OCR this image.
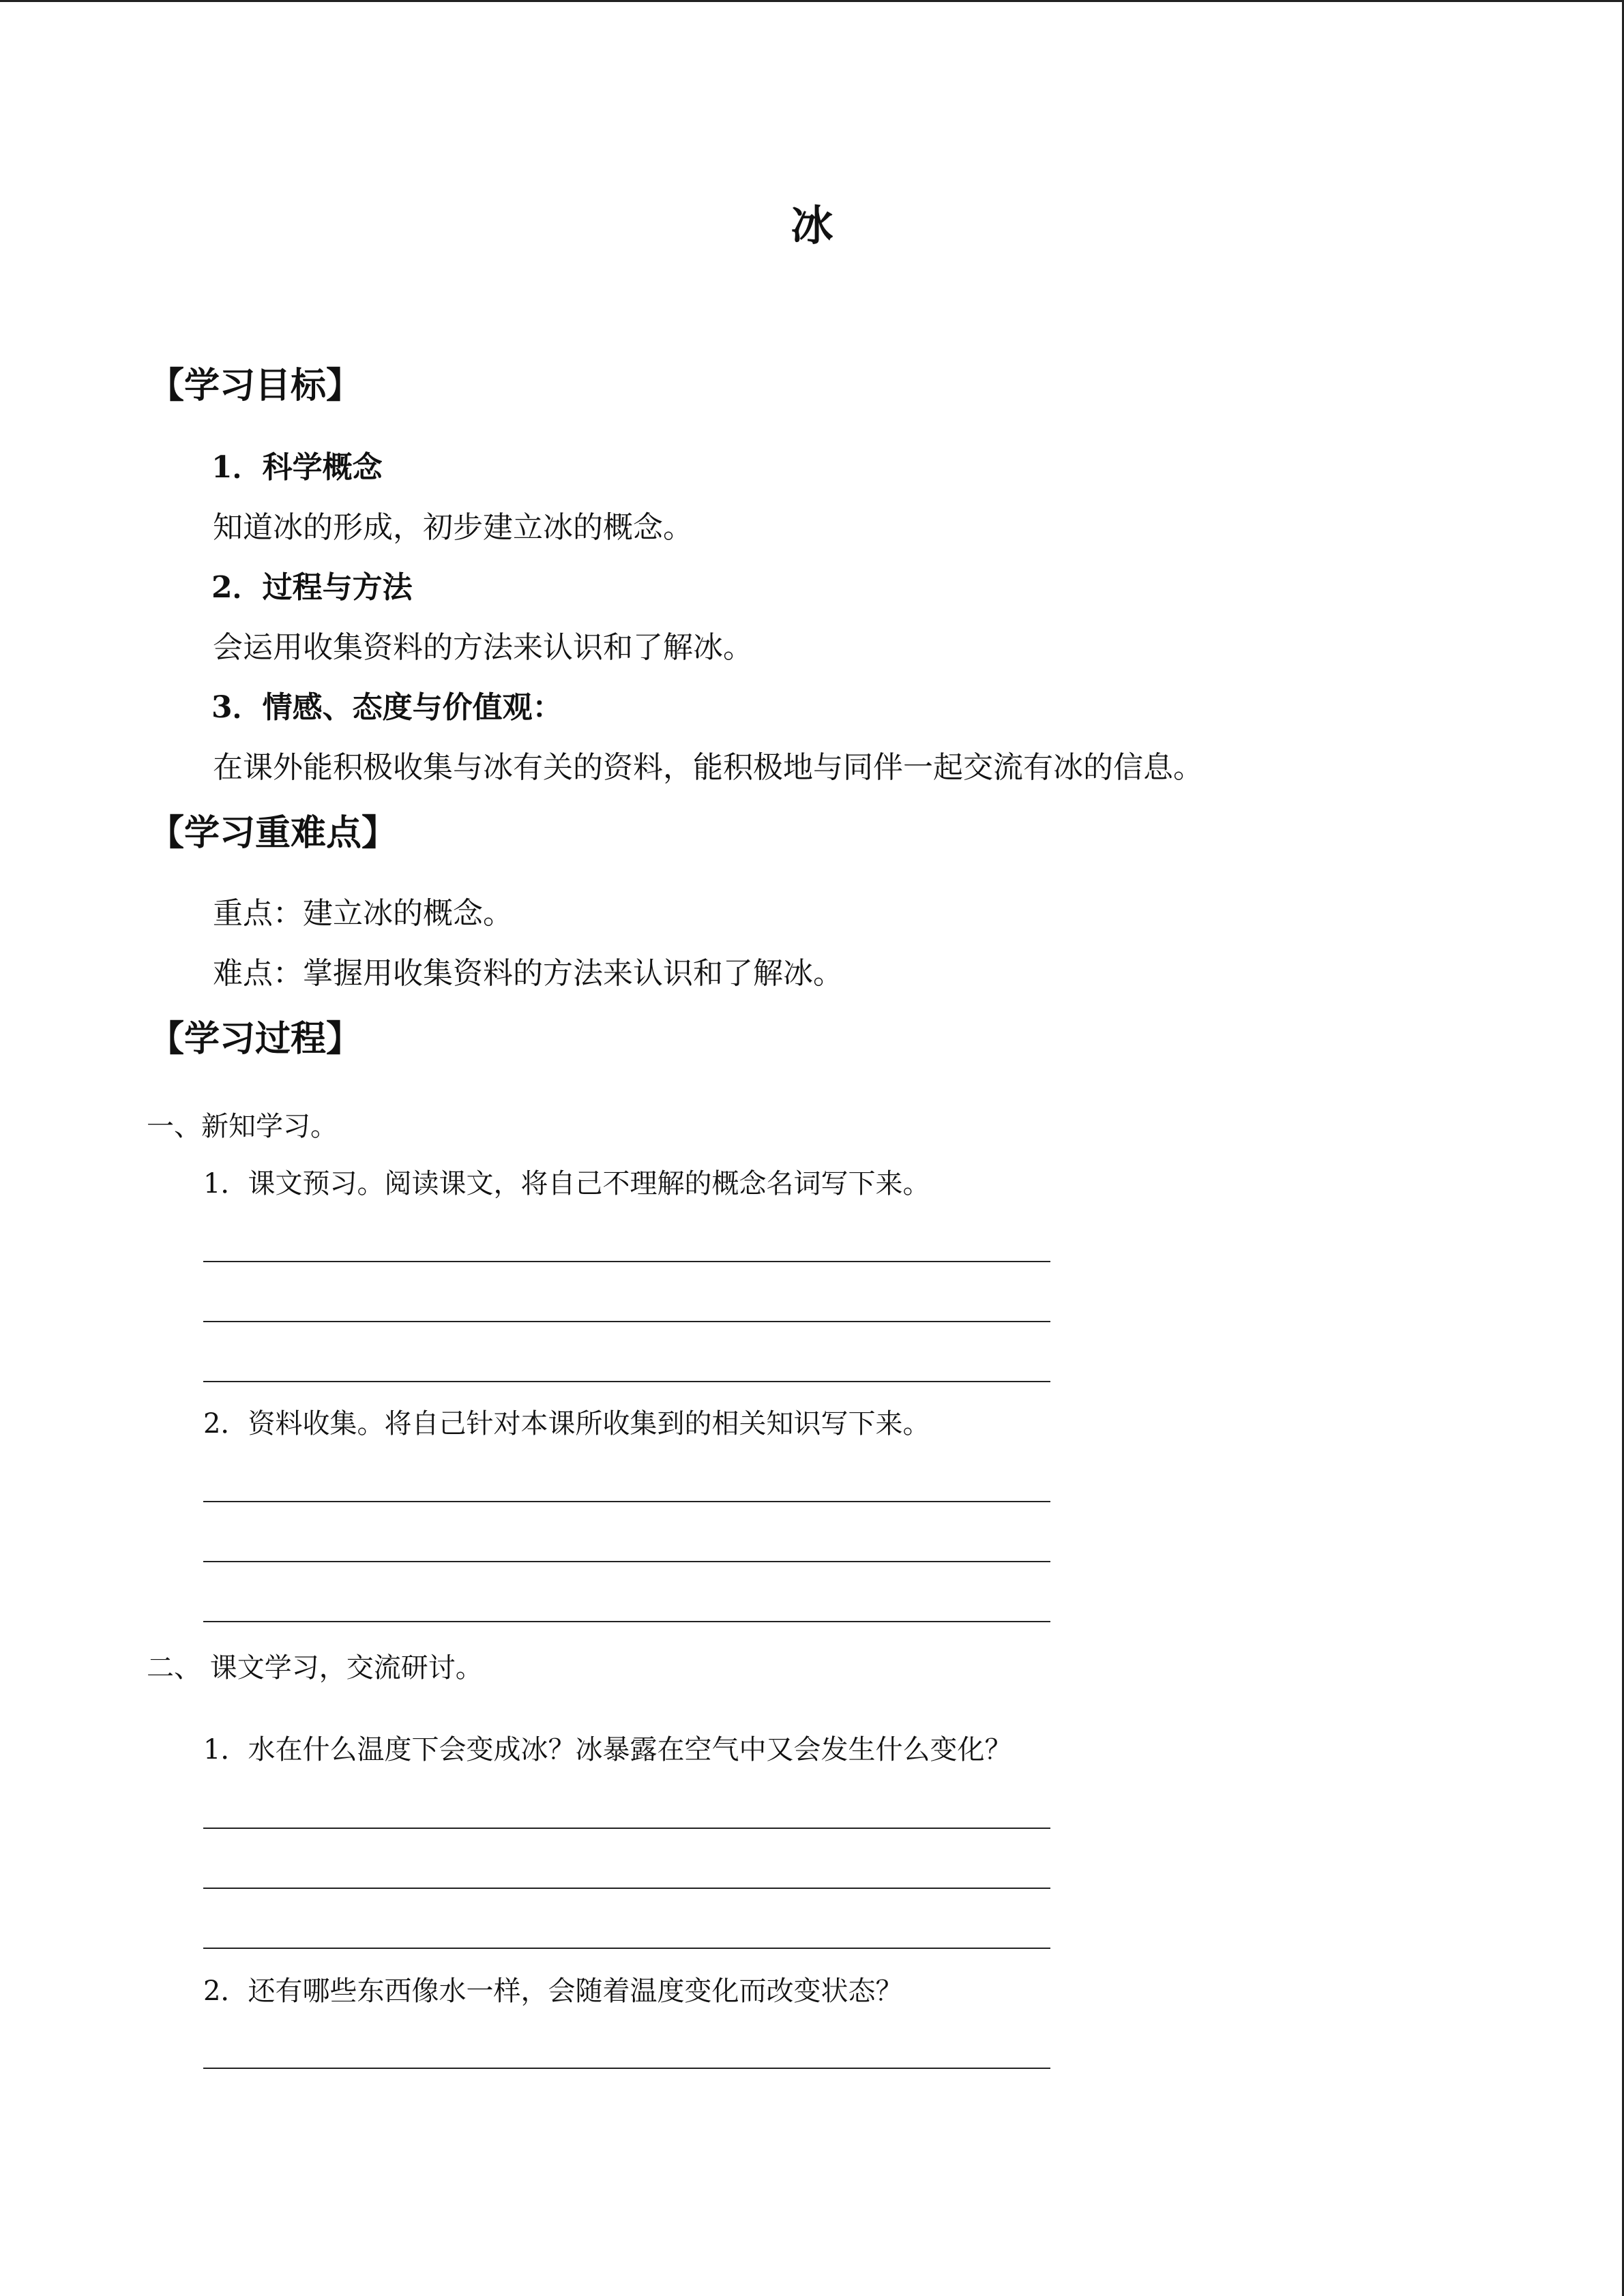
冰
【学习目标】
1．科学概念
知道冰的形成，初步建立冰的概念。
2．过程与方法
会运用收集资料的方法来认识和了解冰。
3．情感、态度与价值观：
在课外能积极收集与冰有关的资料，能积极地与同伴一起交流有冰的信息。
【学习重难点】
重点：建立冰的概念。
难点：掌握用收集资料的方法来认识和了解冰。
【学习过程】
一、新知学习。
1．课文预习。阅读课文，将自己不理解的概念名词写下来。
2．资料收集。将自己针对本课所收集到的相关知识写下来。
二、 课文学习，交流研讨。
1．水在什么温度下会变成冰？冰暴露在空气中又会发生什么变化？
2．还有哪些东西像水一样，会随着温度变化而改变状态？
